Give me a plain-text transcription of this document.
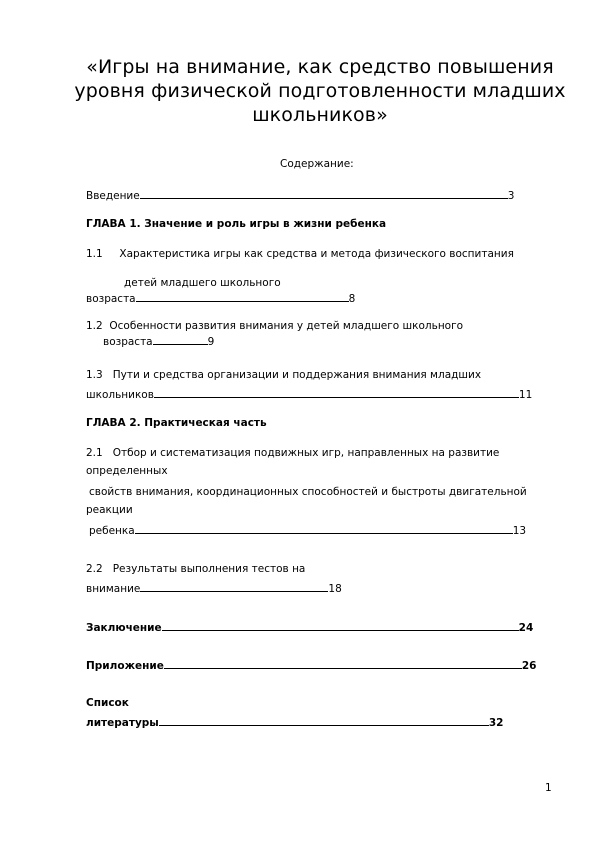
«Игры на внимание, как средство повышения
уровня физической подготовленности младших
школьников»
Содержание:
Введение	3
ГЛАВА 1. Значение и роль игры в жизни ребенка
1.1 Характеристика игры как средства и метода физического воспитания
детей младшего школьного
возраста	8
1.2 Особенности развития внимания у детей младшего школьного
возраста	9
1.3 Пути и средства организации и поддержания внимания младших
школьников	11
ГЛАВА 2. Практическая часть
2.1 Отбор и систематизация подвижных игр, направленных на развитие
определенных
свойств внимания, координационных способностей и быстроты двигательной
реакции
ребенка	13
2.2 Результаты выполнения тестов на
внимание	18
Заключение	24
Приложение	26
Список
литературы	32
1
